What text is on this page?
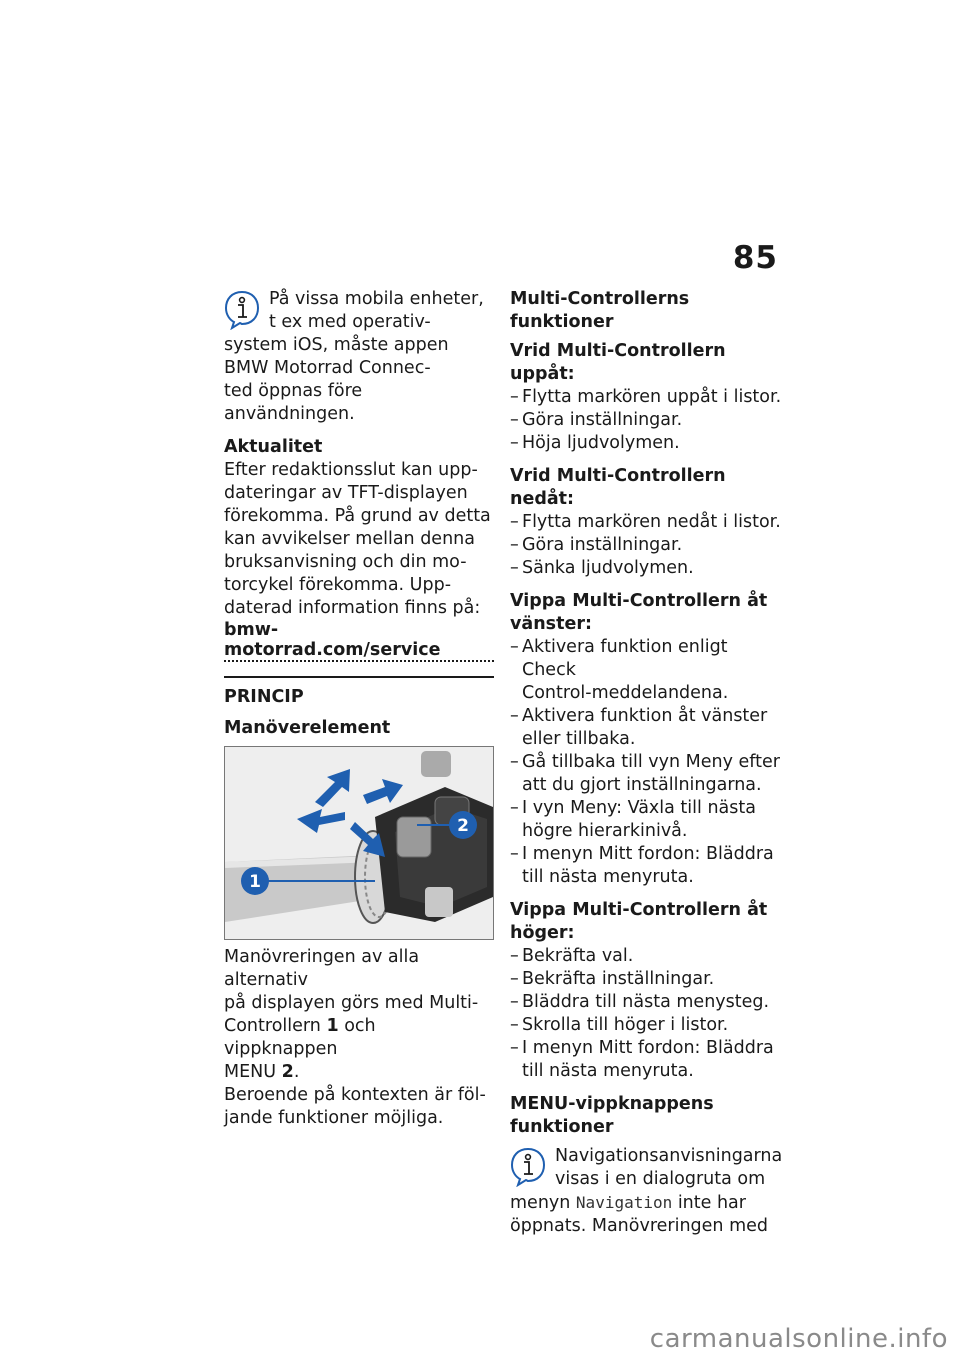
85

På vissa mobila enheter,

t ex med operativ-

system iOS, måste appen

BMW Motorrad Connec-

ted öppnas före användningen.

Aktualitet

Efter redaktionsslut kan upp-

dateringar av TFT-displayen

förekomma. På grund av detta

kan avvikelser mellan denna

bruksanvisning och din mo-

torcykel förekomma. Upp-

daterad information finns på:

bmw-motorrad.com/service

PRINCIP

Manöverelement

1
2

Manövreringen av alla alternativ

på displayen görs med Multi-

Controllern 1 och vippknappen

MENU 2.

Beroende på kontexten är föl-

jande funktioner möjliga.

Multi-Controllerns funktioner

Vrid Multi-Controllern uppåt:

– Flytta markören uppåt i listor.
– Göra inställningar.
– Höja ljudvolymen.

Vrid Multi-Controllern nedåt:

– Flytta markören nedåt i listor.
– Göra inställningar.
– Sänka ljudvolymen.

Vippa Multi-Controllern åt

vänster:

– Aktivera funktion enligt Check
Control-meddelandena.
– Aktivera funktion åt vänster
eller tillbaka.
– Gå tillbaka till vyn Meny efter
att du gjort inställningarna.
– I vyn Meny: Växla till nästa
högre hierarkinivå.
– I menyn Mitt fordon: Bläddra
till nästa menyruta.

Vippa Multi-Controllern åt

höger:

– Bekräfta val.
– Bekräfta inställningar.
– Bläddra till nästa menysteg.
– Skrolla till höger i listor.
– I menyn Mitt fordon: Bläddra
till nästa menyruta.

MENU-vippknappens

funktioner

Navigationsanvisningarna

visas i en dialogruta om

menyn Navigation inte har

öppnats. Manövreringen med

carmanualsonline.info
